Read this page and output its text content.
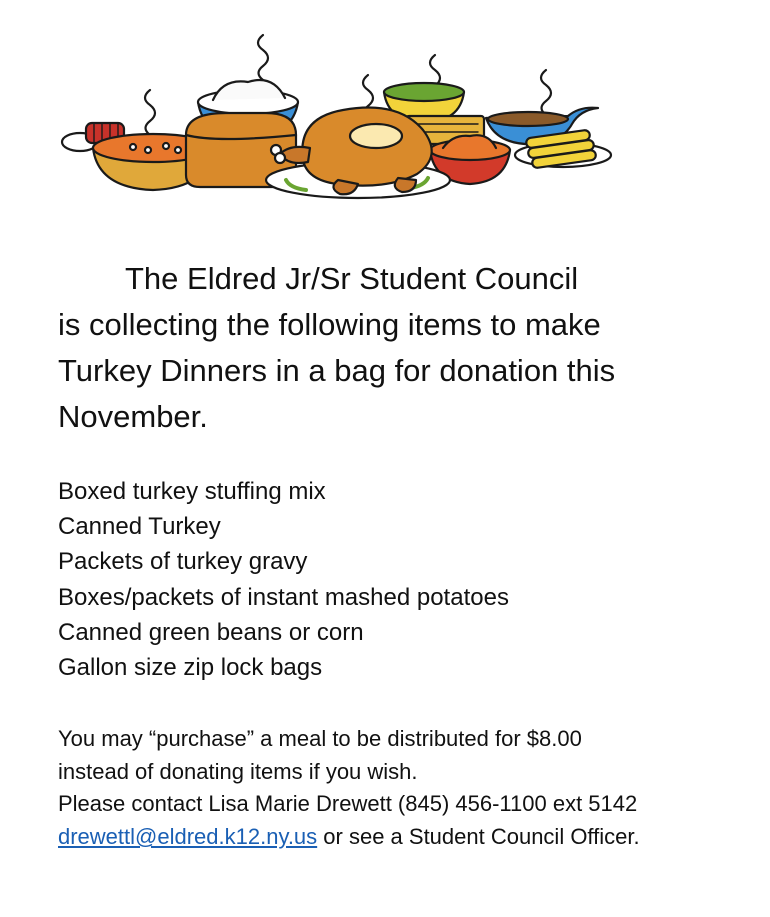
The Eldred Jr/Sr Student Council
is collecting the following items to make
Turkey Dinners in a bag for donation this
November.
Boxed turkey stuffing mix
Canned Turkey
Packets of turkey gravy
Boxes/packets of instant mashed potatoes
Canned green beans or corn
Gallon size zip lock bags
You may “purchase” a meal to be distributed for $8.00
instead of donating items if you wish.
Please contact Lisa Marie Drewett (845) 456-1100 ext 5142
drewettl@eldred.k12.ny.us or see a Student Council Officer.
